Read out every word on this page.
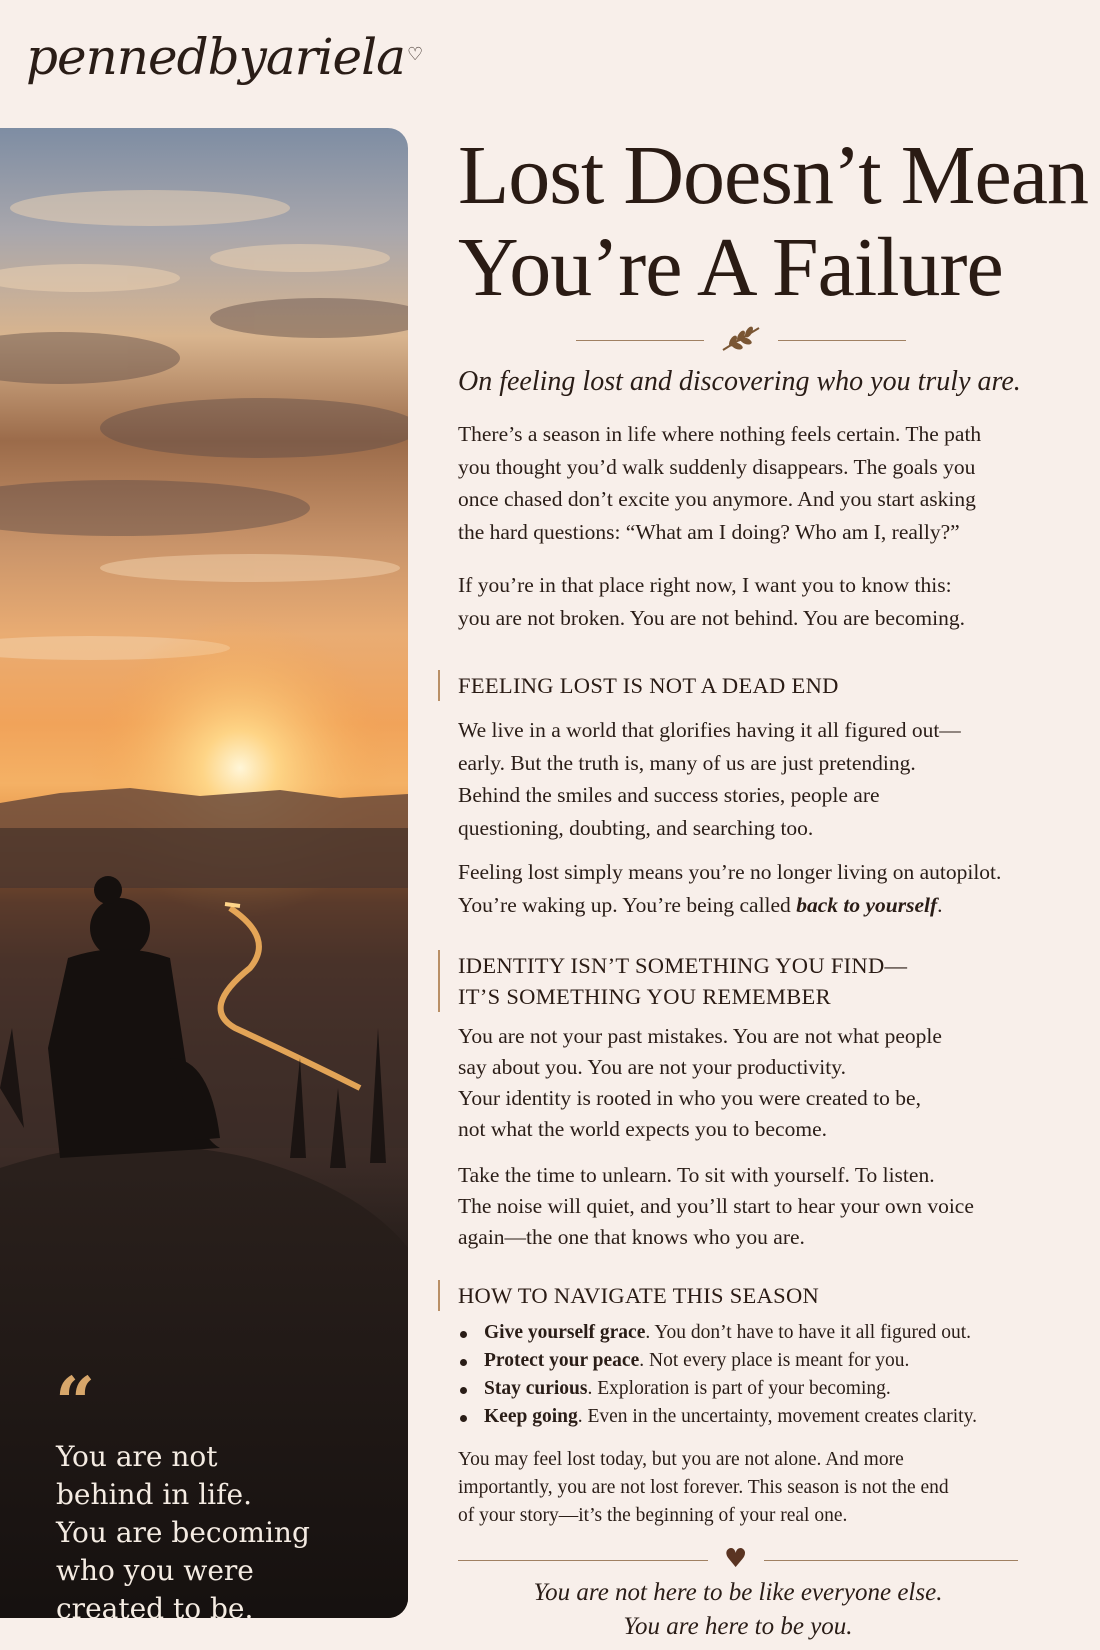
pennedbyariela ♡
“
You are not
behind in life.
You are becoming
who you were
created to be.
Lost Doesn’t Mean
You’re A Failure
On feeling lost and discovering who you truly are.

There’s a season in life where nothing feels certain. The path
you thought you’d walk suddenly disappears. The goals you
once chased don’t excite you anymore. And you start asking
the hard questions: “What am I doing? Who am I, really?”

If you’re in that place right now, I want you to know this:
you are not broken. You are not behind. You are becoming.

FEELING LOST IS NOT A DEAD END

We live in a world that glorifies having it all figured out—
early. But the truth is, many of us are just pretending.
Behind the smiles and success stories, people are
questioning, doubting, and searching too.

Feeling lost simply means you’re no longer living on autopilot.
You’re waking up. You’re being called back to yourself.

IDENTITY ISN’T SOMETHING YOU FIND—
IT’S SOMETHING YOU REMEMBER

You are not your past mistakes. You are not what people
say about you. You are not your productivity.
Your identity is rooted in who you were created to be,
not what the world expects you to become.

Take the time to unlearn. To sit with yourself. To listen.
The noise will quiet, and you’ll start to hear your own voice
again—the one that knows who you are.

HOW TO NAVIGATE THIS SEASON
Give yourself grace. You don’t have to have it all figured out.
Protect your peace. Not every place is meant for you.
Stay curious. Exploration is part of your becoming.
Keep going. Even in the uncertainty, movement creates clarity.

You may feel lost today, but you are not alone. And more
importantly, you are not lost forever. This season is not the end
of your story—it’s the beginning of your real one.

♥
You are not here to be like everyone else.
You are here to be you.
